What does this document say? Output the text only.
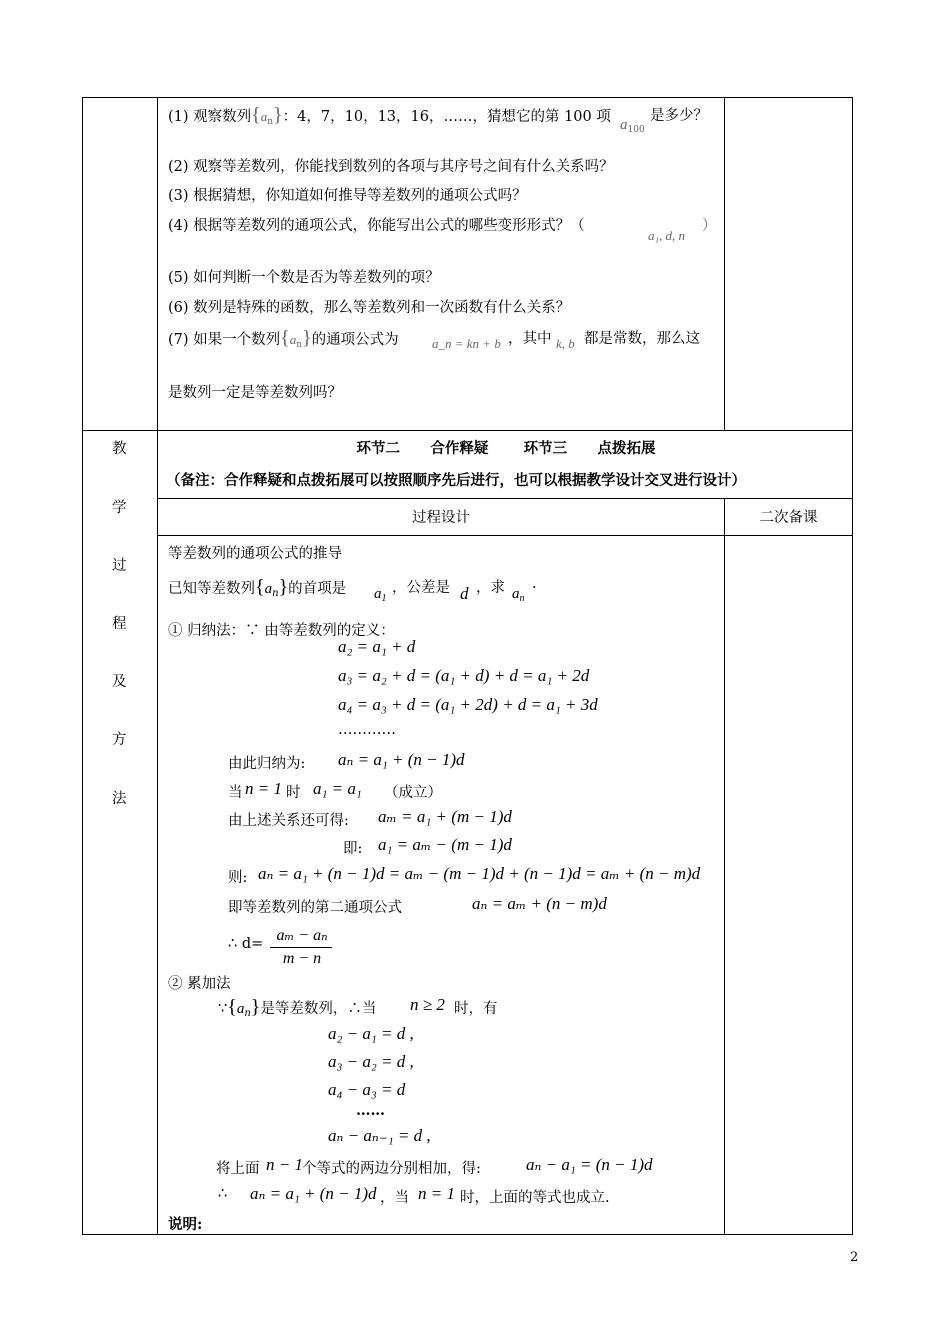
(1) 观察数列$\{a_n\}$：4，7，10，13，16，……，猜想它的第 100 项 a100
是多少？
(2) 观察等差数列，你能找到数列的各项与其序号之间有什么关系吗？
(3) 根据猜想，你知道如何推导等差数列的通项公式吗？
(4) 根据等差数列的通项公式，你能写出公式的哪些变形形式？（
a₁, d, n
）
(5) 如何判断一个数是否为等差数列的项？
(6) 数列是特殊的函数，那么等差数列和一次函数有什么关系？
(7) 如果一个数列$\{a_n\}$的通项公式为	a_n = kn + b ，其中 k, b 都是常数，那么这
是数列一定是等差数列吗？
教
学
过
程
及
方
法
环节二      合作释疑       环节三      点拨拓展
（备注：合作释疑和点拨拓展可以按照顺序先后进行，也可以根据教学设计交叉进行设计）
过程设计	二次备课
等差数列的通项公式的推导
已知等差数列$\{a_n\}$的首项是 $a_1$
，公差是 d ，求 $a_n$
.
① 归纳法：∵ 由等差数列的定义：
a₂ = a₁ + d
a₃ = a₂ + d = (a₁ + d) + d = a₁ + 2d
a₄ = a₃ + d = (a₁ + 2d) + d = a₁ + 3d
…………
由此归纳为: aₙ = a₁ + (n − 1)d
当 n = 1 时 a₁ = a₁ （成立）
由上述关系还可得: aₘ = a₁ + (m − 1)d
即: a₁ = aₘ − (m − 1)d
则: aₙ = a₁ + (n − 1)d = aₘ − (m − 1)d + (n − 1)d = aₘ + (n − m)d
即等差数列的第二通项公式	aₙ = aₘ + (n − m)d
∴ d= aₘ − aₙ
m − n
② 累加法
$\because\{a_n\}$是等差数列，∴当 n ≥ 2 时，有
a₂ − a₁ = d ,
a₃ − a₂ = d ,
a₄ − a₃ = d
……
aₙ − aₙ₋₁ = d ,
将上面 n − 1 个等式的两边分别相加，得:	aₙ − a₁ = (n − 1)d
∴ aₙ = a₁ + (n − 1)d ，当 n = 1 时，上面的等式也成立.
说明:
2
